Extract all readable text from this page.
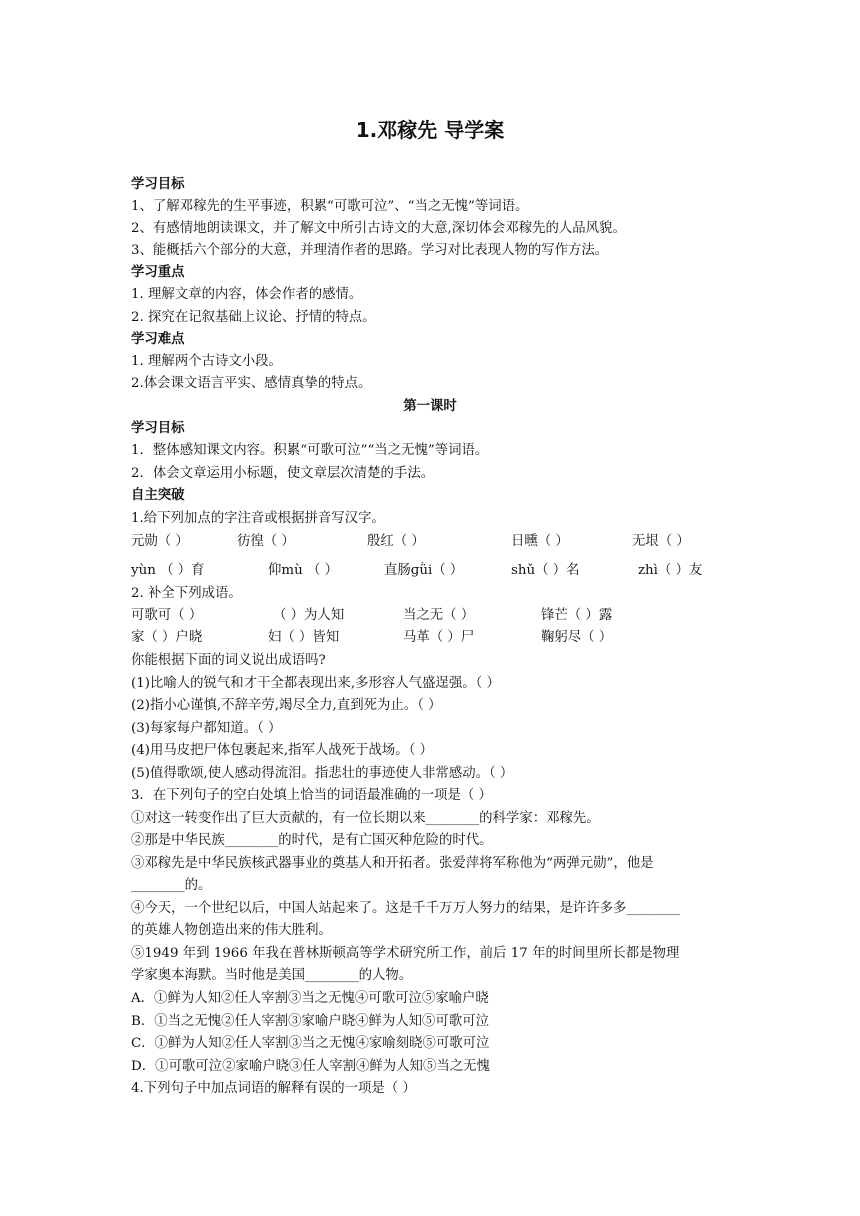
1.邓稼先 导学案
学习目标
1、了解邓稼先的生平事迹，积累“可歌可泣”、“当之无愧”等词语。
2、有感情地朗读课文，并了解文中所引古诗文的大意,深切体会邓稼先的人品风貌。
3、能概括六个部分的大意，并理清作者的思路。学习对比表现人物的写作方法。
学习重点
1. 理解文章的内容，体会作者的感情。
2. 探究在记叙基础上议论、抒情的特点。
学习难点
1. 理解两个古诗文小段。
2.体会课文语言平实、感情真挚的特点。
第一课时
学习目标
1．整体感知课文内容。积累“可歌可泣”“当之无愧”等词语。
2．体会文章运用小标题，使文章层次清楚的手法。
自主突破
1.给下列加点的字注音或根据拼音写汉字。
元勋（ ）	彷徨（ ）	殷红（ ）	日曛（ ）	无垠（ ）
yùn （ ）育	仰mù （ ）	直肠ɡǜi（ ）	shǔ（ ）名	zhì（ ）友
2. 补全下列成语。
可歌可（ ）	（ ）为人知	当之无（ ）	锋芒（ ）露
家（ ）户晓	妇（ ）皆知	马革（ ）尸	鞠躬尽（ ）
你能根据下面的词义说出成语吗?
(1)比喻人的锐气和才干全都表现出来,多形容人气盛逞强。（ ）
(2)指小心谨慎,不辞辛劳,竭尽全力,直到死为止。（ ）
(3)每家每户都知道。（ ）
(4)用马皮把尸体包裹起来,指军人战死于战场。（ ）
(5)值得歌颂,使人感动得流泪。指悲壮的事迹使人非常感动。（ ）
3．在下列句子的空白处填上恰当的词语最准确的一项是（ ）
①对这一转变作出了巨大贡献的，有一位长期以来________的科学家：邓稼先。
②那是中华民族________的时代，是有亡国灭种危险的时代。
③邓稼先是中华民族核武器事业的奠基人和开拓者。张爱萍将军称他为“两弹元勋”，他是
________的。
④今天，一个世纪以后，中国人站起来了。这是千千万万人努力的结果，是许许多多________
的英雄人物创造出来的伟大胜利。
⑤1949 年到 1966 年我在普林斯顿高等学术研究所工作，前后 17 年的时间里所长都是物理
学家奥本海默。当时他是美国________的人物。
A．①鲜为人知②任人宰割③当之无愧④可歌可泣⑤家喻户晓
B．①当之无愧②任人宰割③家喻户晓④鲜为人知⑤可歌可泣
C．①鲜为人知②任人宰割③当之无愧④家喻刻晓⑤可歌可泣
D．①可歌可泣②家喻户晓③任人宰割④鲜为人知⑤当之无愧
4.下列句子中加点词语的解释有误的一项是（ ）
